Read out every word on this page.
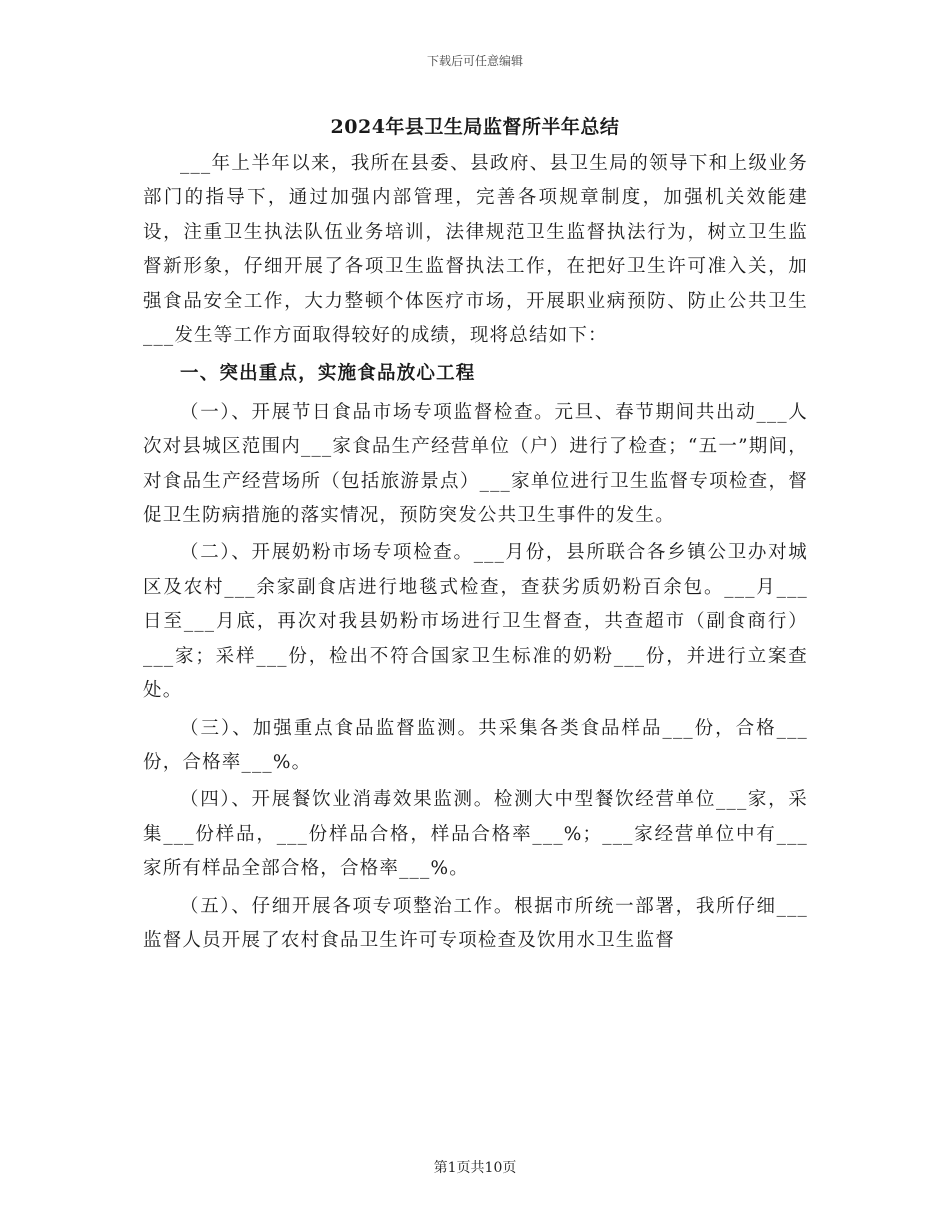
下载后可任意编辑
2024年县卫生局监督所半年总结

___年上半年以来，我所在县委、县政府、县卫生局的领导下和上级业务部门的指导下，通过加强内部管理，完善各项规章制度，加强机关效能建设，注重卫生执法队伍业务培训，法律规范卫生监督执法行为，树立卫生监督新形象，仔细开展了各项卫生监督执法工作，在把好卫生许可准入关，加强食品安全工作，大力整顿个体医疗市场，开展职业病预防、防止公共卫生___发生等工作方面取得较好的成绩，现将总结如下：

一、突出重点，实施食品放心工程

（一）、开展节日食品市场专项监督检查。元旦、春节期间共出动___人次对县城区范围内___家食品生产经营单位（户）进行了检查；“五一”期间，对食品生产经营场所（包括旅游景点）___家单位进行卫生监督专项检查，督促卫生防病措施的落实情况，预防突发公共卫生事件的发生。

（二）、开展奶粉市场专项检查。___月份，县所联合各乡镇公卫办对城区及农村___余家副食店进行地毯式检查，查获劣质奶粉百余包。___月___日至___月底，再次对我县奶粉市场进行卫生督查，共查超市（副食商行）___家；采样___份，检出不符合国家卫生标准的奶粉___份，并进行立案查处。

（三）、加强重点食品监督监测。共采集各类食品样品___份，合格___份，合格率___%。

（四）、开展餐饮业消毒效果监测。检测大中型餐饮经营单位___家，采集___份样品，___份样品合格，样品合格率___%；___家经营单位中有___家所有样品全部合格，合格率___%。

（五）、仔细开展各项专项整治工作。根据市所统一部署，我所仔细___监督人员开展了农村食品卫生许可专项检查及饮用水卫生监督

第1页共10页
